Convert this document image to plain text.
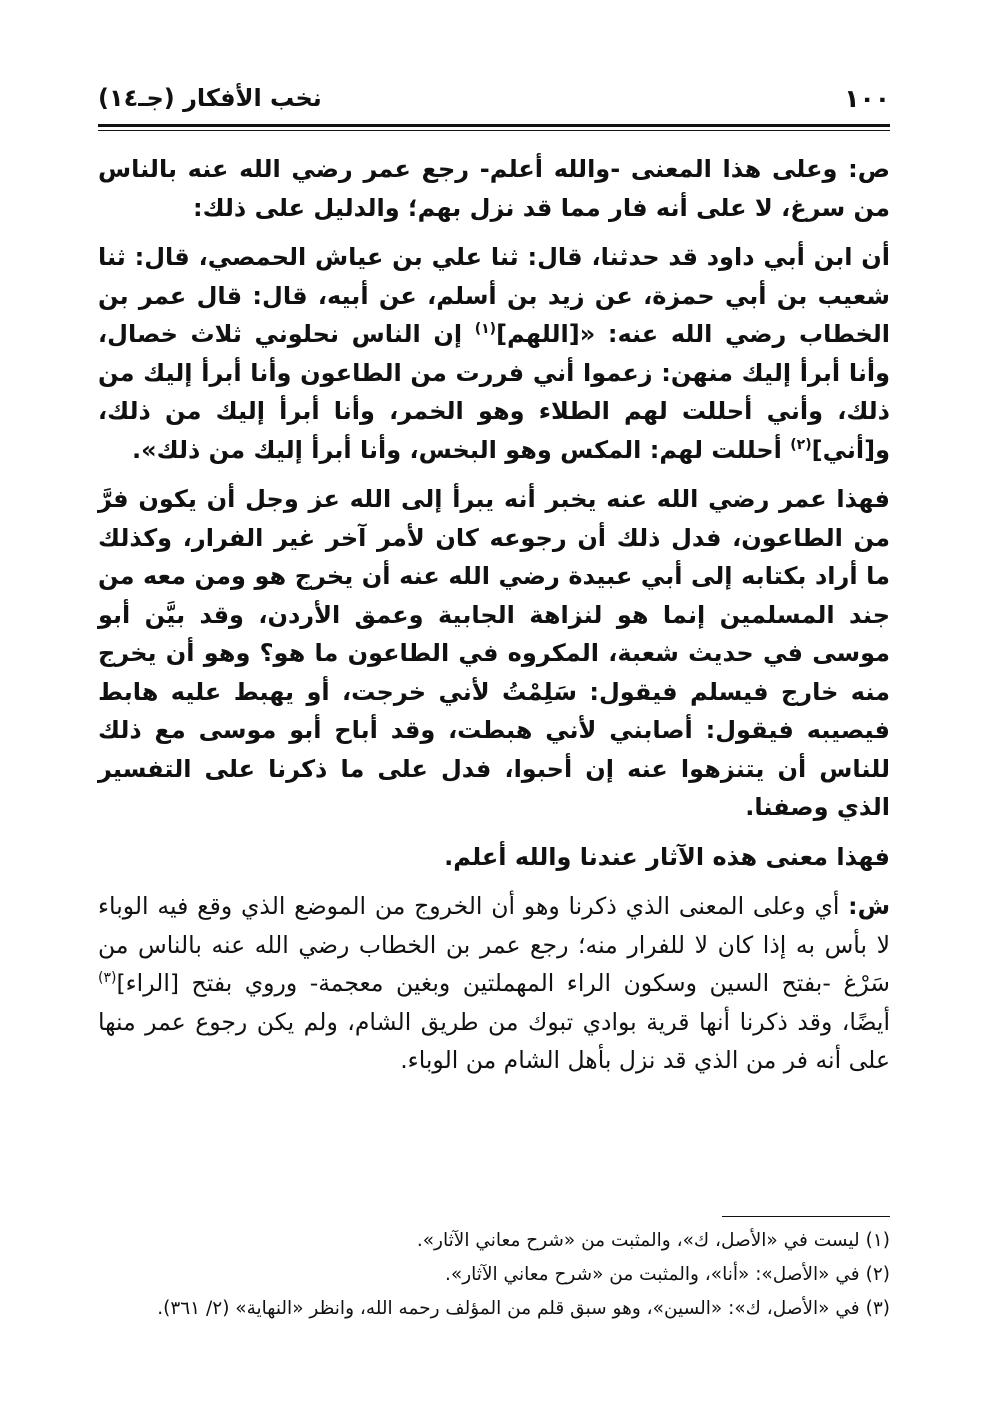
١٠٠
نخب الأفكار (جـ١٤)

ص: وعلى هذا المعنى -والله أعلم- رجع عمر رضي الله عنه بالناس من سرغ، لا على أنه فار مما قد نزل بهم؛ والدليل على ذلك:

أن ابن أبي داود قد حدثنا، قال: ثنا علي بن عياش الحمصي، قال: ثنا شعيب بن أبي حمزة، عن زيد بن أسلم، عن أبيه، قال: قال عمر بن الخطاب رضي الله عنه: «[اللهم]$^{(١)}$ إن الناس نحلوني ثلاث خصال، وأنا أبرأ إليك منهن: زعموا أني فررت من الطاعون وأنا أبرأ إليك من ذلك، وأني أحللت لهم الطلاء وهو الخمر، وأنا أبرأ إليك من ذلك، و[أني]$^{(٢)}$ أحللت لهم: المكس وهو البخس، وأنا أبرأ إليك من ذلك».

فهذا عمر رضي الله عنه يخبر أنه يبرأ إلى الله عز وجل أن يكون فرَّ من الطاعون، فدل ذلك أن رجوعه كان لأمر آخر غير الفرار، وكذلك ما أراد بكتابه إلى أبي عبيدة رضي الله عنه أن يخرج هو ومن معه من جند المسلمين إنما هو لنزاهة الجابية وعمق الأردن، وقد بيَّن أبو موسى في حديث شعبة، المكروه في الطاعون ما هو؟ وهو أن يخرج منه خارج فيسلم فيقول: سَلِمْتُ لأني خرجت، أو يهبط عليه هابط فيصيبه فيقول: أصابني لأني هبطت، وقد أباح أبو موسى مع ذلك للناس أن يتنزهوا عنه إن أحبوا، فدل على ما ذكرنا على التفسير الذي وصفنا.

فهذا معنى هذه الآثار عندنا والله أعلم.

ش: أي وعلى المعنى الذي ذكرنا وهو أن الخروج من الموضع الذي وقع فيه الوباء لا بأس به إذا كان لا للفرار منه؛ رجع عمر بن الخطاب رضي الله عنه بالناس من سَرْغ -بفتح السين وسكون الراء المهملتين وبغين معجمة- وروي بفتح [الراء]$^{(٣)}$ أيضًا، وقد ذكرنا أنها قرية بوادي تبوك من طريق الشام، ولم يكن رجوع عمر منها على أنه فر من الذي قد نزل بأهل الشام من الوباء.

(١)ليست في «الأصل، ك»، والمثبت من «شرح معاني الآثار».

(٢)في «الأصل»: «أنا»، والمثبت من «شرح معاني الآثار».

(٣)في «الأصل، ك»: «السين»، وهو سبق قلم من المؤلف رحمه الله، وانظر «النهاية» (٢/ ٣٦١).
